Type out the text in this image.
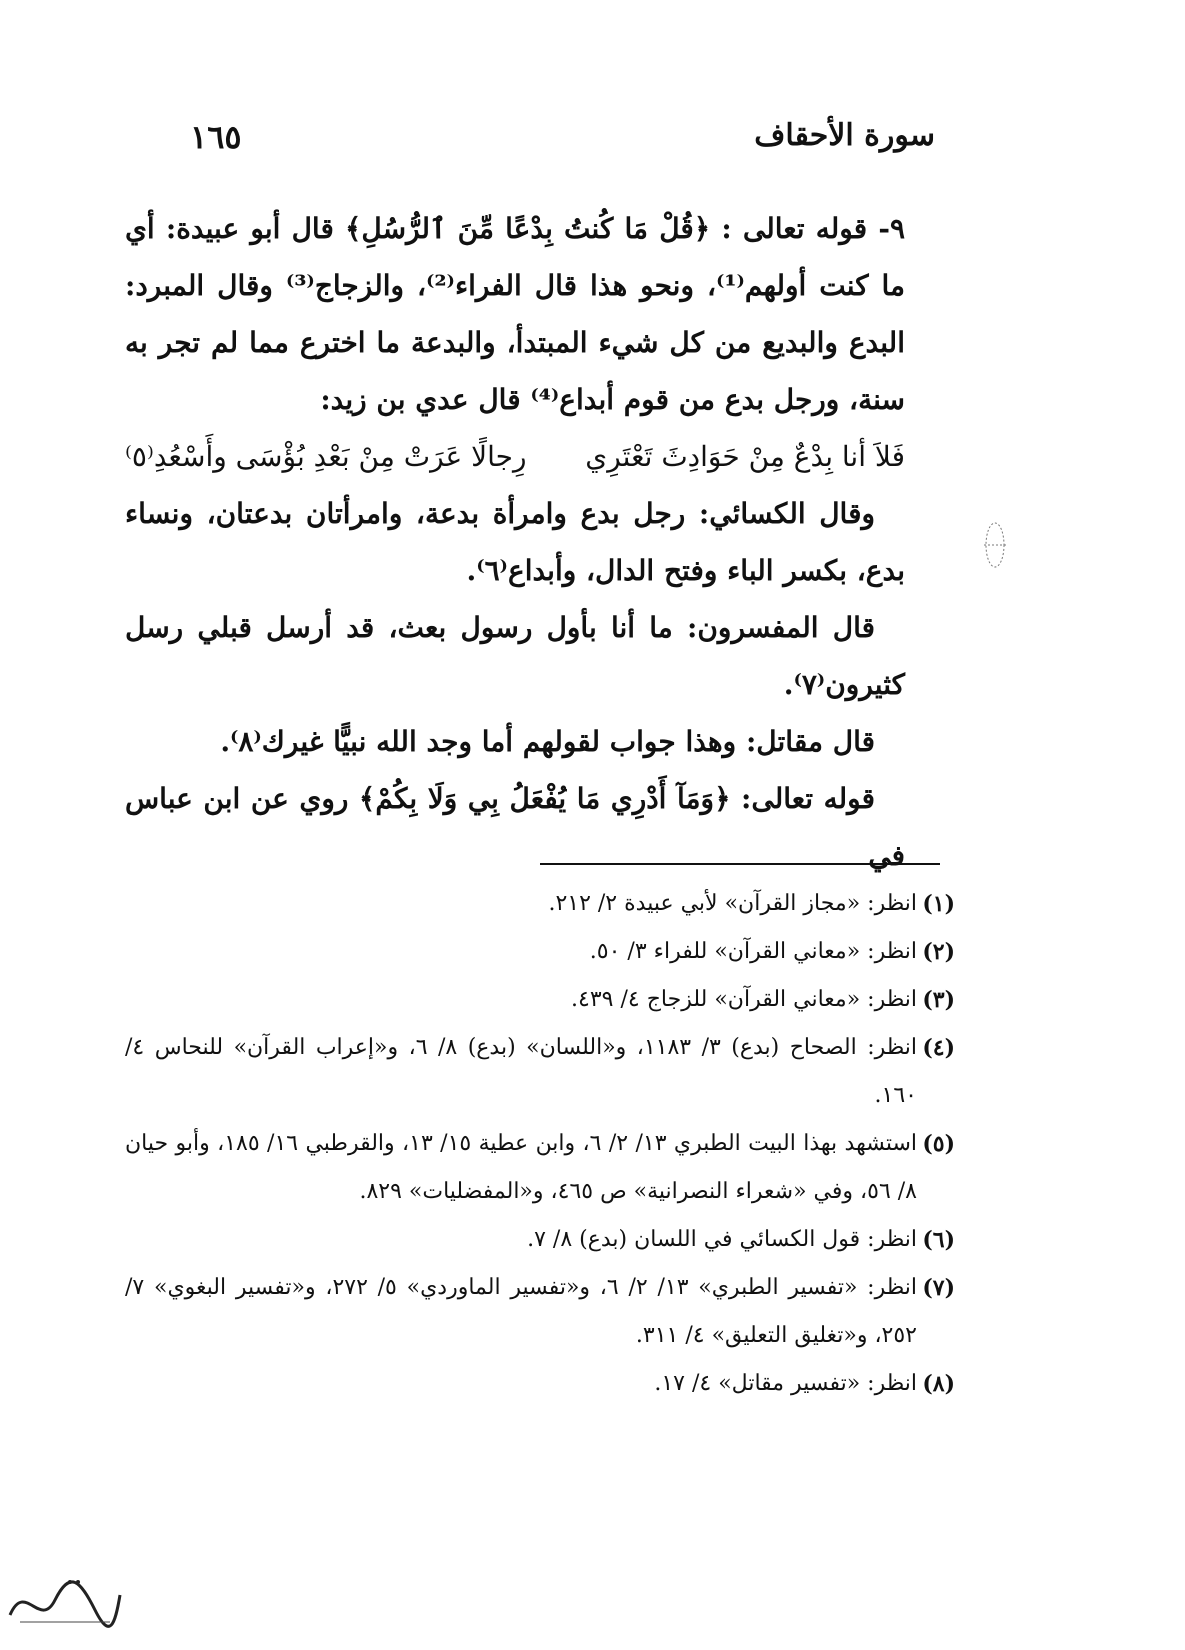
سورة الأحقاف
١٦٥

٩- قوله تعالى : ﴿قُلْ مَا كُنتُ بِدْعًا مِّنَ ٱلرُّسُلِ﴾ قال أبو عبيدة: أي ما كنت أولهم⁽¹⁾، ونحو هذا قال الفراء⁽²⁾، والزجاج⁽³⁾ وقال المبرد: البدع والبديع من كل شيء المبتدأ، والبدعة ما اخترع مما لم تجر به سنة، ورجل بدع من قوم أبداع⁽⁴⁾ قال عدي بن زيد:

فَلاَ أنا بِدْعٌ مِنْ حَوَادِثَ تَعْتَرِي
رِجالًا عَرَتْ مِنْ بَعْدِ بُؤْسَى وأَسْعُدِ⁽٥⁾

وقال الكسائي: رجل بدع وامرأة بدعة، وامرأتان بدعتان، ونساء بدع، بكسر الباء وفتح الدال، وأبداع⁽٦⁾.

قال المفسرون: ما أنا بأول رسول بعث، قد أرسل قبلي رسل كثيرون⁽٧⁾.

قال مقاتل: وهذا جواب لقولهم أما وجد الله نبيًّا غيرك⁽٨⁾.

قوله تعالى: ﴿وَمَآ أَدْرِي مَا يُفْعَلُ بِي وَلَا بِكُمْ﴾ روي عن ابن عباس في

(١)
انظر: «مجاز القرآن» لأبي عبيدة ٢/ ٢١٢.
(٢)
انظر: «معاني القرآن» للفراء ٣/ ٥٠.
(٣)
انظر: «معاني القرآن» للزجاج ٤/ ٤٣٩.
(٤)
انظر: الصحاح (بدع) ٣/ ١١٨٣، و«اللسان» (بدع) ٨/ ٦، و«إعراب القرآن» للنحاس ٤/ ١٦٠.
(٥)
استشهد بهذا البيت الطبري ١٣/ ٢/ ٦، وابن عطية ١٥/ ١٣، والقرطبي ١٦/ ١٨٥، وأبو حيان ٨/ ٥٦، وفي «شعراء النصرانية» ص ٤٦٥، و«المفضليات» ٨٢٩.
(٦)
انظر: قول الكسائي في اللسان (بدع) ٨/ ٧.
(٧)
انظر: «تفسير الطبري» ١٣/ ٢/ ٦، و«تفسير الماوردي» ٥/ ٢٧٢، و«تفسير البغوي» ٧/ ٢٥٢، و«تغليق التعليق» ٤/ ٣١١.
(٨)
انظر: «تفسير مقاتل» ٤/ ١٧.
